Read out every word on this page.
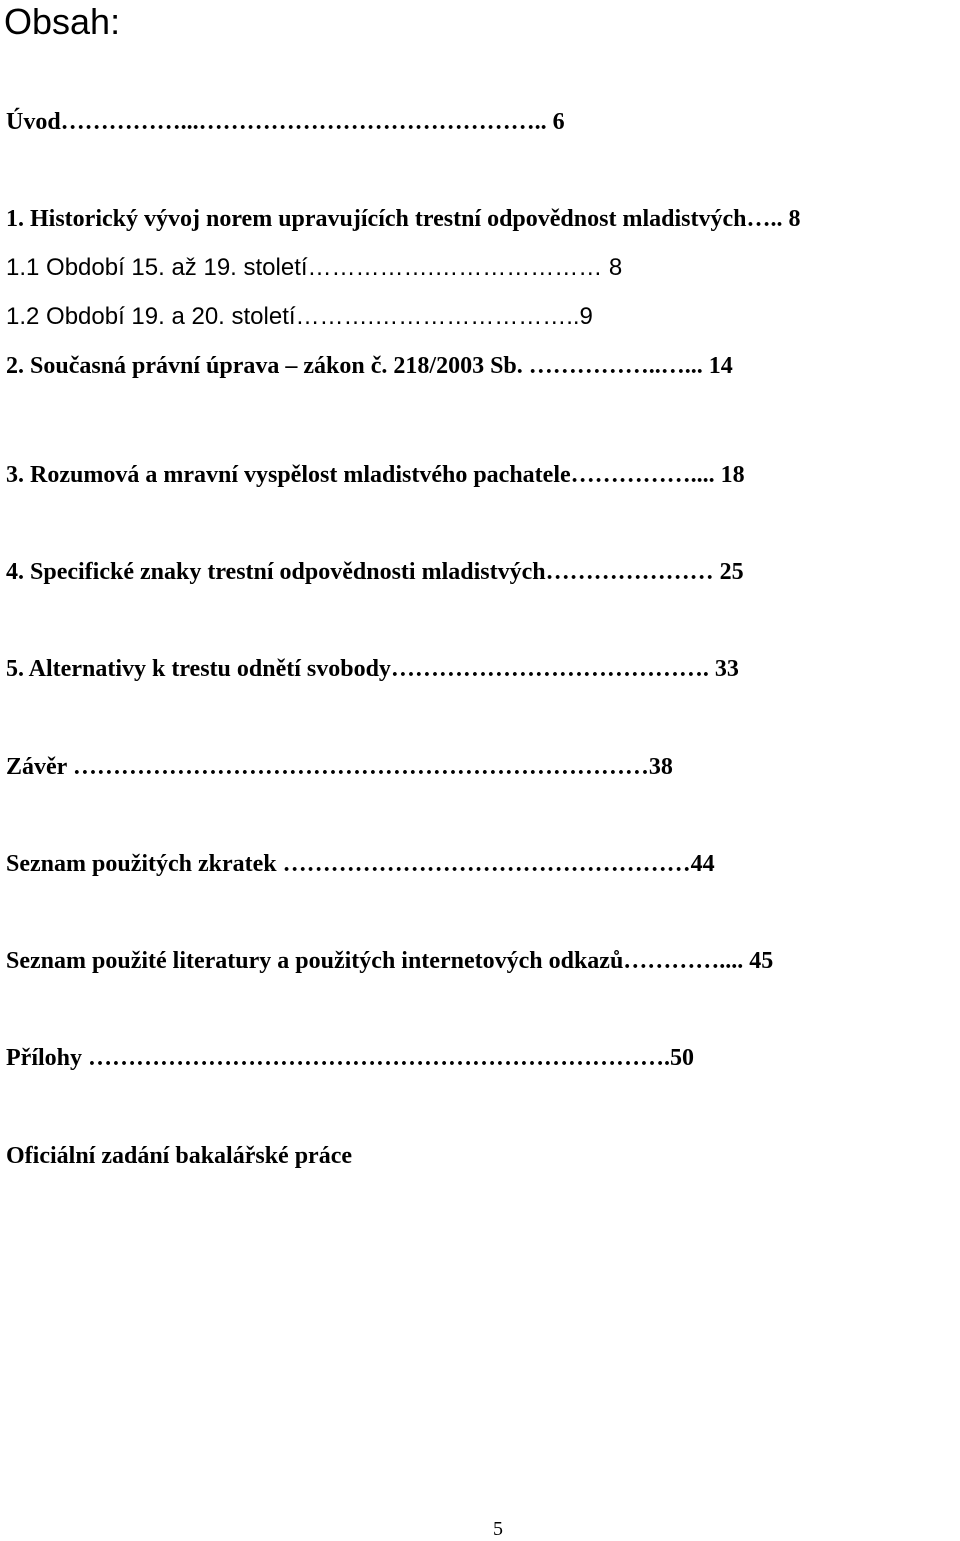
Obsah:

Úvod……………...…………………………………….. 6

1. Historický vývoj norem upravujících trestní odpovědnost mladistvých….. 8

1.1 Období 15. až 19. století…………….………………… 8

1.2 Období 19. a 20. století……….……………………..9

2. Současná právní úprava – zákon č. 218/2003 Sb. ……………..…... 14

3. Rozumová a mravní vyspělost mladistvého pachatele…………….... 18

4. Specifické znaky trestní odpovědnosti mladistvých………………… 25

5. Alternativy k trestu odnětí svobody…………………………………. 33

Závěr ………………………………………………………………38

Seznam použitých zkratek ……………………………………………44

Seznam použité literatury a použitých internetových odkazů………….... 45

Přílohy ……………………………………………………………….50

Oficiální zadání bakalářské práce

5
